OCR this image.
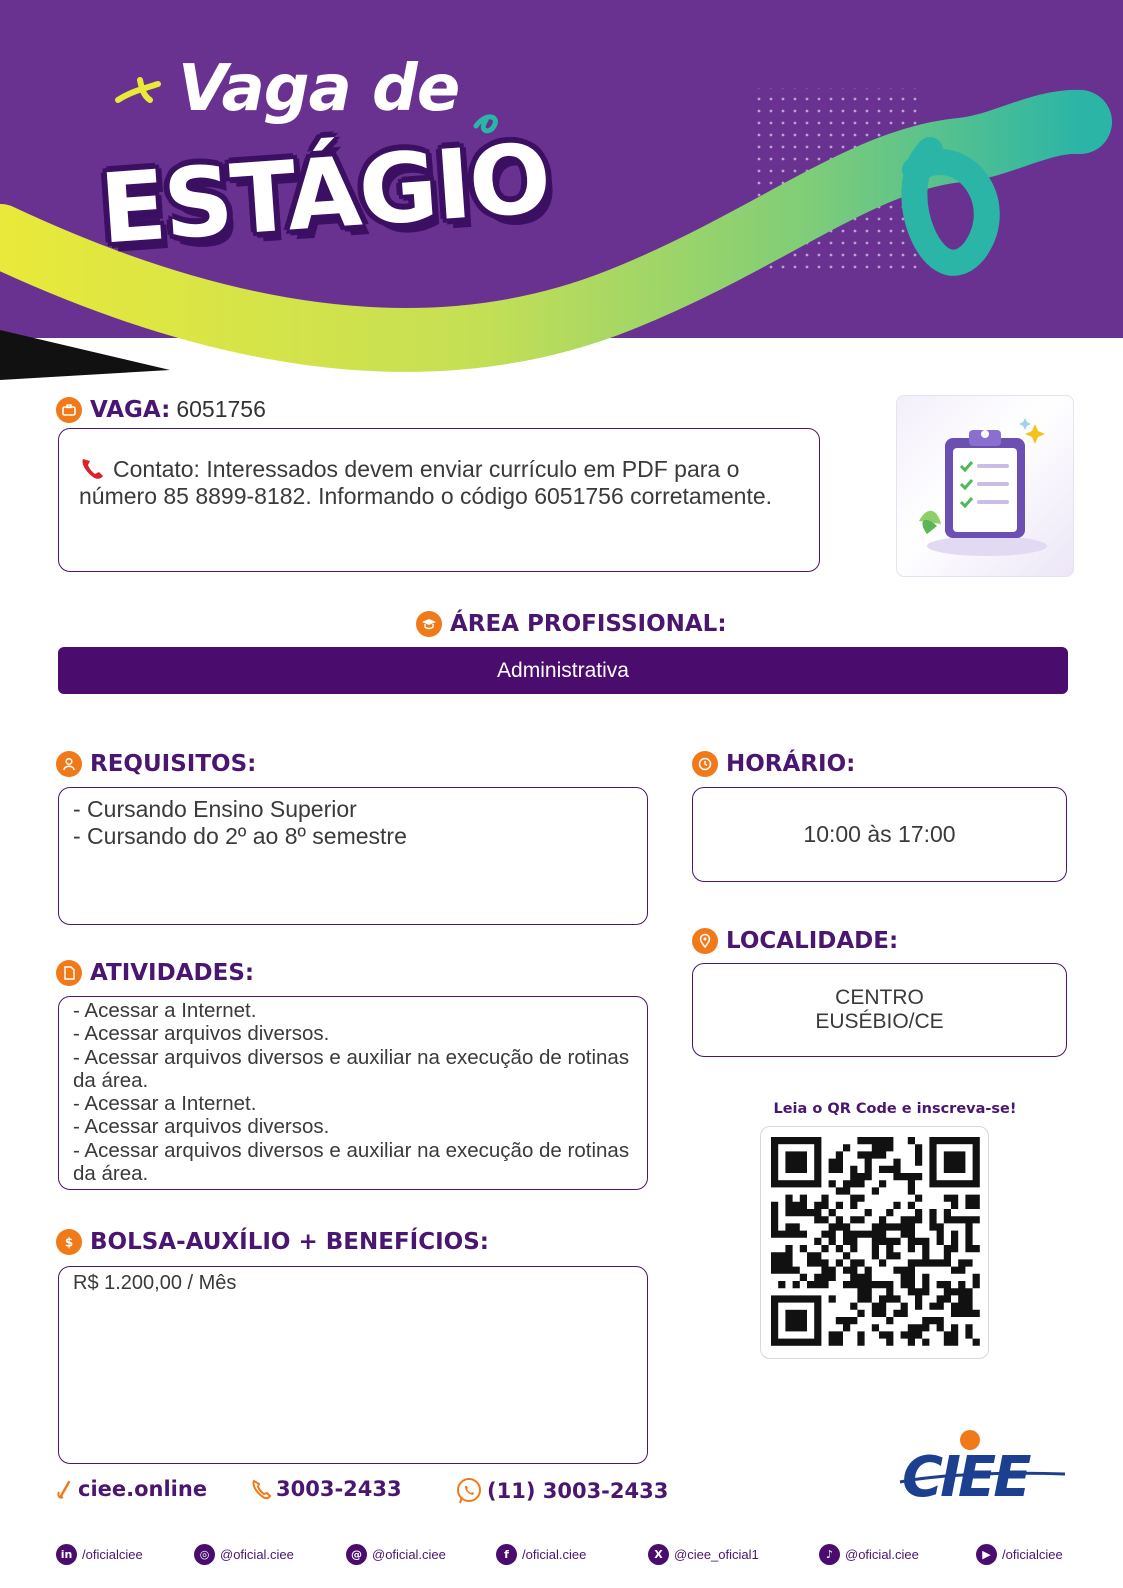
Vaga de
ESTÁGIO
VAGA: 6051756
Contato: Interessados devem enviar currículo em PDF para o número 85 8899-8182. Informando o código 6051756 corretamente.
ÁREA PROFISSIONAL:
Administrativa
REQUISITOS:
- Cursando Ensino Superior
- Cursando do 2º ao 8º semestre
ATIVIDADES:
- Acessar a Internet.
- Acessar arquivos diversos.
- Acessar arquivos diversos e auxiliar na execução de rotinas da área.
- Acessar a Internet.
- Acessar arquivos diversos.
- Acessar arquivos diversos e auxiliar na execução de rotinas da área.
$ BOLSA-AUXÍLIO + BENEFÍCIOS:
R$ 1.200,00 / Mês
HORÁRIO:
10:00 às 17:00
LOCALIDADE:
CENTRO
EUSÉBIO/CE
Leia o QR Code e inscreva-se!
CIEE
ciee.online	3003-2433	(11) 3003-2433
in /oficialciee	◎ @oficial.ciee	@ @oficial.ciee	f	/oficial.ciee	X @ciee_oficial1	♪ @oficial.ciee	▶ /oficialciee
